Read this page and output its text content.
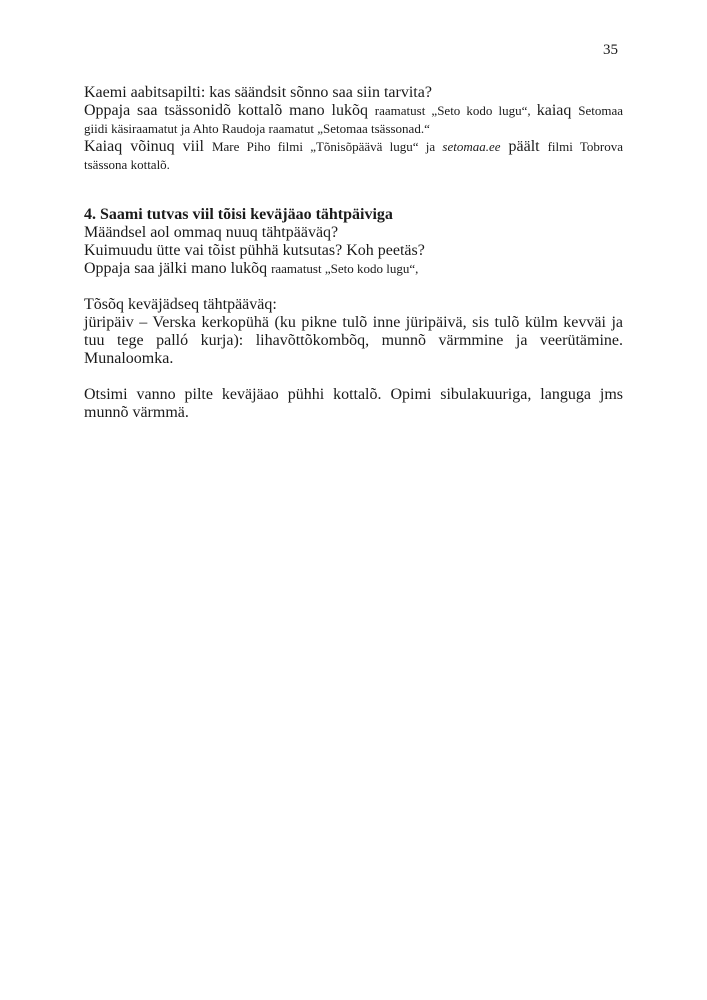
35

Kaemi aabitsapilti: kas säändsit sõnno saa siin tarvita?

Oppaja saa tsässonidõ kottalõ mano lukõq raamatust „Seto kodo lugu“, kaiaq Setomaa

giidi käsiraamatut ja Ahto Raudoja raamatut „Setomaa tsässonad.“

Kaiaq võinuq viil Mare Piho filmi „Tõnisõpäävä lugu“ ja setomaa.ee päält filmi Tobrova

tsässona kottalõ.

4. Saami tutvas viil tõisi keväjäao tähtpäiviga

Määndsel aol ommaq nuuq tähtpääväq?

Kuimuudu ütte vai tõist pühhä kutsutas? Koh peetäs?

Oppaja saa jälki mano lukõq raamatust „Seto kodo lugu“,

Tõsõq keväjädseq tähtpääväq:

jüripäiv – Verska kerkopühä (ku pikne tulõ inne jüripäivä, sis tulõ külm kevväi ja tuu tege palló kurja): lihavõttõkombõq, munnõ värmmine ja veerütämine. Munaloomka.

Otsimi vanno pilte keväjäao pühhi kottalõ. Opimi sibulakuuriga, languga jms munnõ värmmä.
